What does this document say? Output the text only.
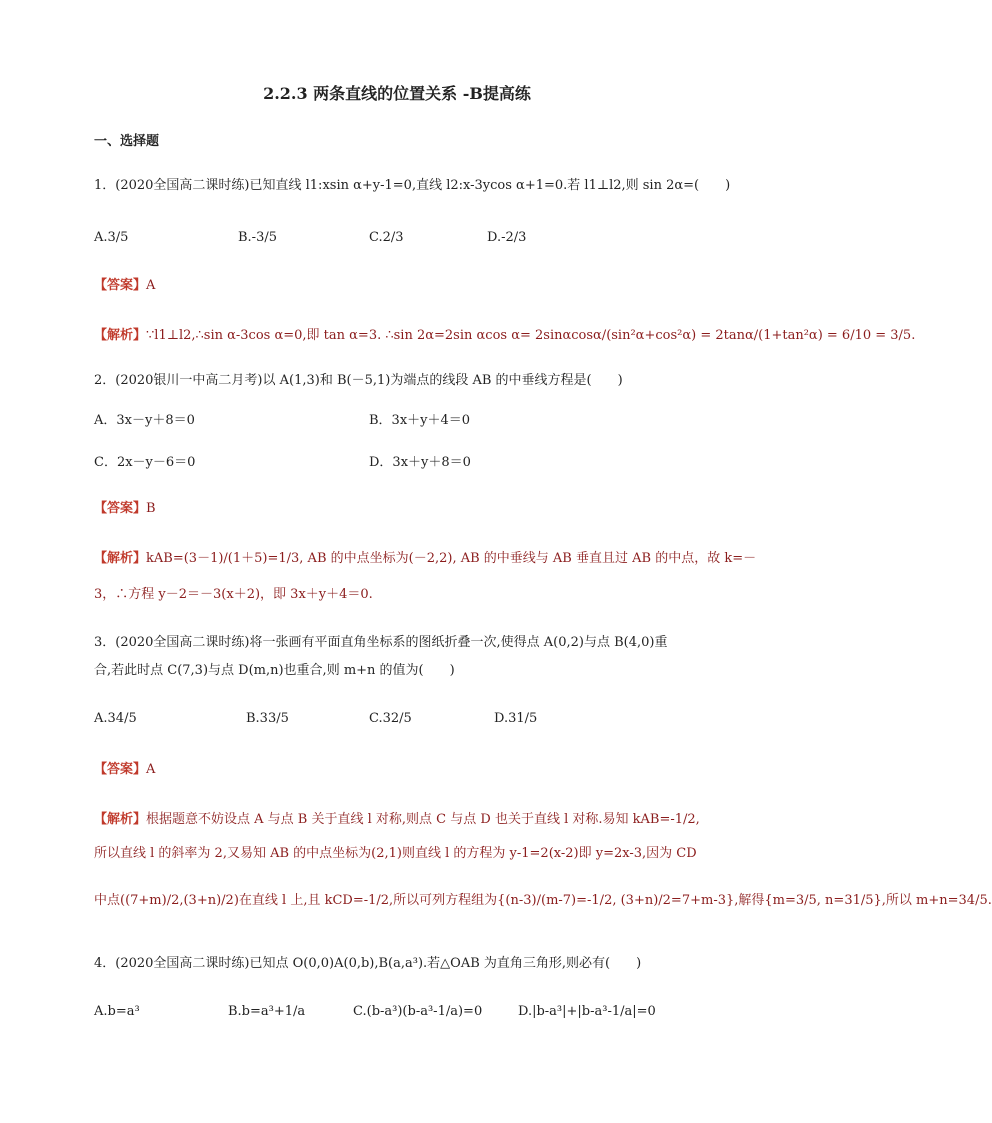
2.2.3 两条直线的位置关系 -B提高练
一、选择题
1．(2020全国高二课时练)已知直线 l1:xsin α+y-1=0,直线 l2:x-3ycos α+1=0.若 l1⊥l2,则 sin 2α=(　　)
A.3/5	B.-3/5	C.2/3	D.-2/3
【答案】A
【解析】∵l1⊥l2,∴sin α-3cos α=0,即 tan α=3. ∴sin 2α=2sin αcos α= 2sinαcosα/(sin²α+cos²α) = 2tanα/(1+tan²α) = 6/10 = 3/5.
2．(2020银川一中高二月考)以 A(1,3)和 B(－5,1)为端点的线段 AB 的中垂线方程是(　　)
A．3x－y＋8＝0	B．3x＋y＋4＝0
C．2x－y－6＝0	D．3x＋y＋8＝0
【答案】B
【解析】kAB=(3－1)/(1＋5)=1/3, AB 的中点坐标为(－2,2), AB 的中垂线与 AB 垂直且过 AB 的中点，故 k=－
3，∴方程 y－2＝－3(x＋2)，即 3x＋y＋4＝0.
3．(2020全国高二课时练)将一张画有平面直角坐标系的图纸折叠一次,使得点 A(0,2)与点 B(4,0)重
合,若此时点 C(7,3)与点 D(m,n)也重合,则 m+n 的值为(　　)
A.34/5	B.33/5	C.32/5	D.31/5
【答案】A
【解析】根据题意不妨设点 A 与点 B 关于直线 l 对称,则点 C 与点 D 也关于直线 l 对称.易知 kAB=-1/2,
所以直线 l 的斜率为 2,又易知 AB 的中点坐标为(2,1)则直线 l 的方程为 y-1=2(x-2)即 y=2x-3,因为 CD
中点((7+m)/2,(3+n)/2)在直线 l 上,且 kCD=-1/2,所以可列方程组为{(n-3)/(m-7)=-1/2, (3+n)/2=7+m-3},解得{m=3/5, n=31/5},所以 m+n=34/5.
4．(2020全国高二课时练)已知点 O(0,0)A(0,b),B(a,a³).若△OAB 为直角三角形,则必有(　　)
A.b=a³	B.b=a³+1/a	C.(b-a³)(b-a³-1/a)=0	D.|b-a³|+|b-a³-1/a|=0
